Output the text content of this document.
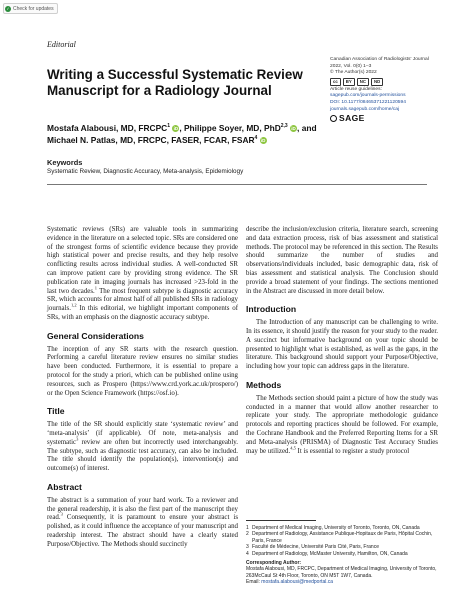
✓ Check for updates
Editorial
Writing a Successful Systematic Review Manuscript for a Radiology Journal
Canadian Association of Radiologists' Journal
2022, Vol. 0(0) 1–3
© The Author(s) 2022
cc	BY	NC	ND
Article reuse guidelines:
sagepub.com/journals-permissions
DOI: 10.1177/08465371221120594
journals.sagepub.com/home/caj
SAGE
Mostafa Alabousi, MD, FRCPC$^1$ iD, Philippe Soyer, MD, PhD$^{2,3}$ iD, and
Michael N. Patlas, MD, FRCPC, FASER, FCAR, FSAR$^4$ iD
Keywords
Systematic Review, Diagnostic Accuracy, Meta-analysis, Epidemiology

Systematic reviews (SRs) are valuable tools in summarizing evidence in the literature on a selected topic. SRs are considered one of the strongest forms of scientific evidence because they provide high statistical power and precise results, and they help resolve conflicting results across individual studies. A well-conducted SR can improve patient care by providing strong evidence. The SR publication rate in imaging journals has increased >23-fold in the last two decades.$^1$ The most frequent subtype is diagnostic accuracy SR, which accounts for almost half of all published SRs in radiology journals.$^{1,2}$ In this editorial, we highlight important components of SRs, with an emphasis on the diagnostic accuracy subtype.

General Considerations

The inception of any SR starts with the research question. Performing a careful literature review ensures no similar studies have been conducted. Furthermore, it is essential to prepare a protocol for the study a priori, which can be published online using resources, such as Prospero (https://www.crd.york.ac.uk/prospero/) or the Open Science Framework (https://osf.io).

Title

The title of the SR should explicitly state ‘systematic review’ and ‘meta-analysis’ (if applicable). Of note, meta-analysis and systematic$^3$ review are often but incorrectly used interchangeably. The subtype, such as diagnostic test accuracy, can also be included. The title should identify the population(s), intervention(s) and outcome(s) of interest.

Abstract

The abstract is a summation of your hard work. To a reviewer and the general readership, it is also the first part of the manuscript they read.$^3$ Consequently, it is paramount to ensure your abstract is polished, as it could influence the acceptance of your manuscript and readership interest. The abstract should have a clearly stated Purpose/Objective. The Methods should succinctly

describe the inclusion/exclusion criteria, literature search, screening and data extraction process, risk of bias assessment and statistical methods. The protocol may be referenced in this section. The Results should summarize the number of studies and observations/individuals included, basic demographic data, risk of bias assessment and statistical analysis. The Conclusion should provide a broad statement of your findings. The sections mentioned in the Abstract are discussed in more detail below.

Introduction

The Introduction of any manuscript can be challenging to write. In its essence, it should justify the reason for your study to the reader. A succinct but informative background on your topic should be presented to highlight what is established, as well as the gaps, in the literature. This background should support your Purpose/Objective, including how your topic can address gaps in the literature.

Methods

The Methods section should paint a picture of how the study was conducted in a manner that would allow another researcher to replicate your study. The appropriate methodologic guidance protocols and reporting practices should be followed. For example, the Cochrane Handbook and the Preferred Reporting Items for a SR and Meta-analysis (PRISMA) of Diagnostic Test Accuracy Studies may be utilized.$^{4,5}$ It is essential to register a study protocol

1 Department of Medical Imaging, University of Toronto, Toronto, ON, Canada
2 Department of Radiology, Assistance Publique-Hopitaux de Paris, Hôpital Cochin, Paris, France
3 Faculté de Médecine, Université Paris Cité, Paris, France
4 Department of Radiology, McMaster University, Hamilton, ON, Canada
Corresponding Author:
Mostafa Alabousi, MD, FRCPC, Department of Medical Imaging, University of Toronto, 263McCaul St 4th Floor, Toronto, ON M5T 1W7, Canada.
Email: mostafa.alabousi@medportal.ca
